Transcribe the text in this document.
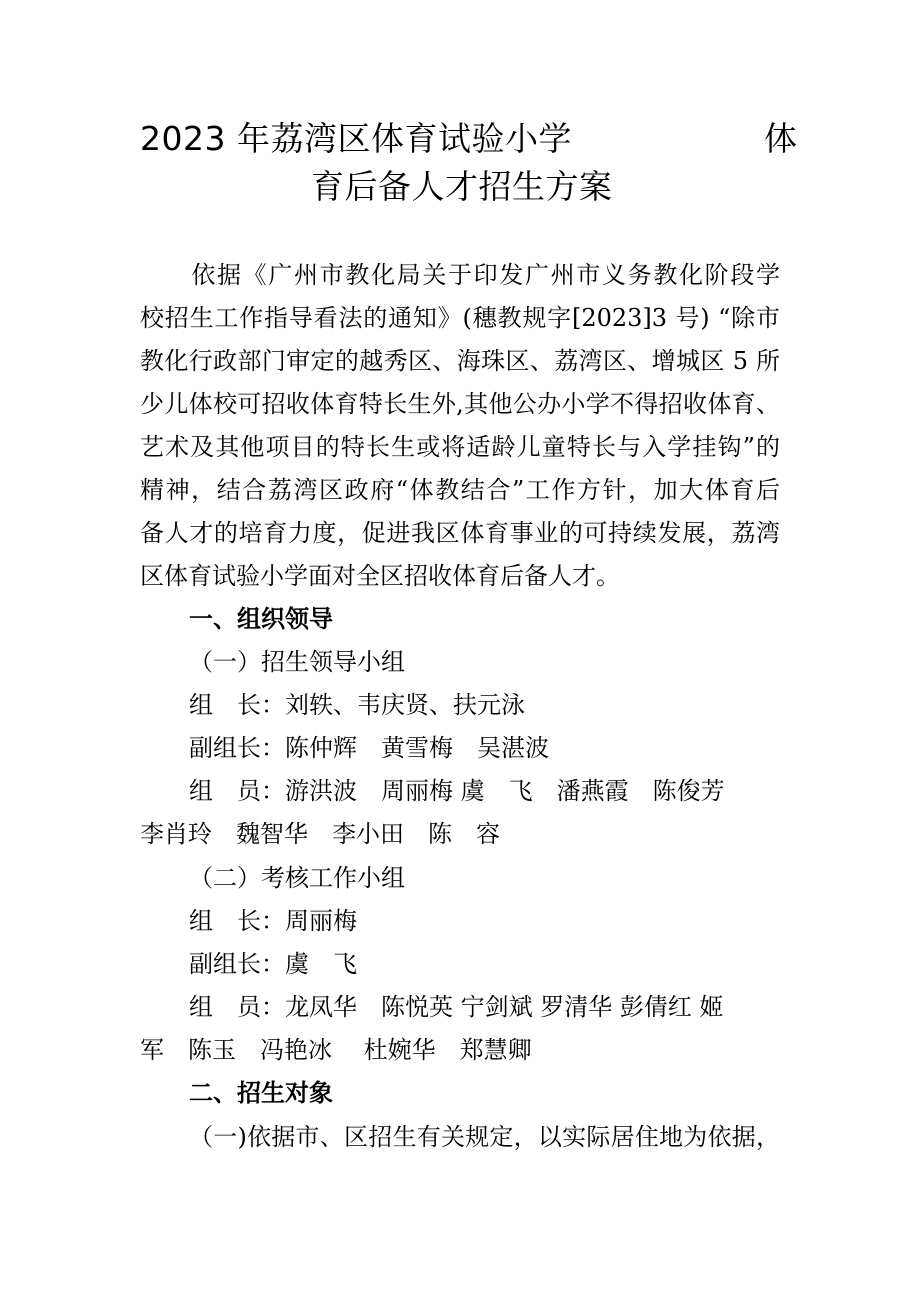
2023 年荔湾区体育试验小学	体
育后备人才招生方案
　　依据《广州市教化局关于印发广州市义务教化阶段学
校招生工作指导看法的通知》(穗教规字[2023]3 号) “除市
教化行政部门审定的越秀区、海珠区、荔湾区、增城区 5 所
少儿体校可招收体育特长生外,其他公办小学不得招收体育、
艺术及其他项目的特长生或将适龄儿童特长与入学挂钩”的
精神，结合荔湾区政府“体教结合”工作方针，加大体育后
备人才的培育力度，促进我区体育事业的可持续发展，荔湾
区体育试验小学面对全区招收体育后备人才。
一、组织领导
（一）招生领导小组
组　长：刘轶、韦庆贤、扶元泳
副组长：陈仲辉　黄雪梅　吴湛波
组　员：游洪波　周丽梅 虞　飞　潘燕霞　陈俊芳
李肖玲　魏智华　李小田　陈　容
（二）考核工作小组
组　长：周丽梅
副组长：虞　飞
组　员：龙凤华　陈悦英 宁剑斌 罗清华 彭倩红 姬
军　陈玉　冯艳冰　 杜婉华　郑慧卿
二、招生对象
（一)依据市、区招生有关规定，以实际居住地为依据，
